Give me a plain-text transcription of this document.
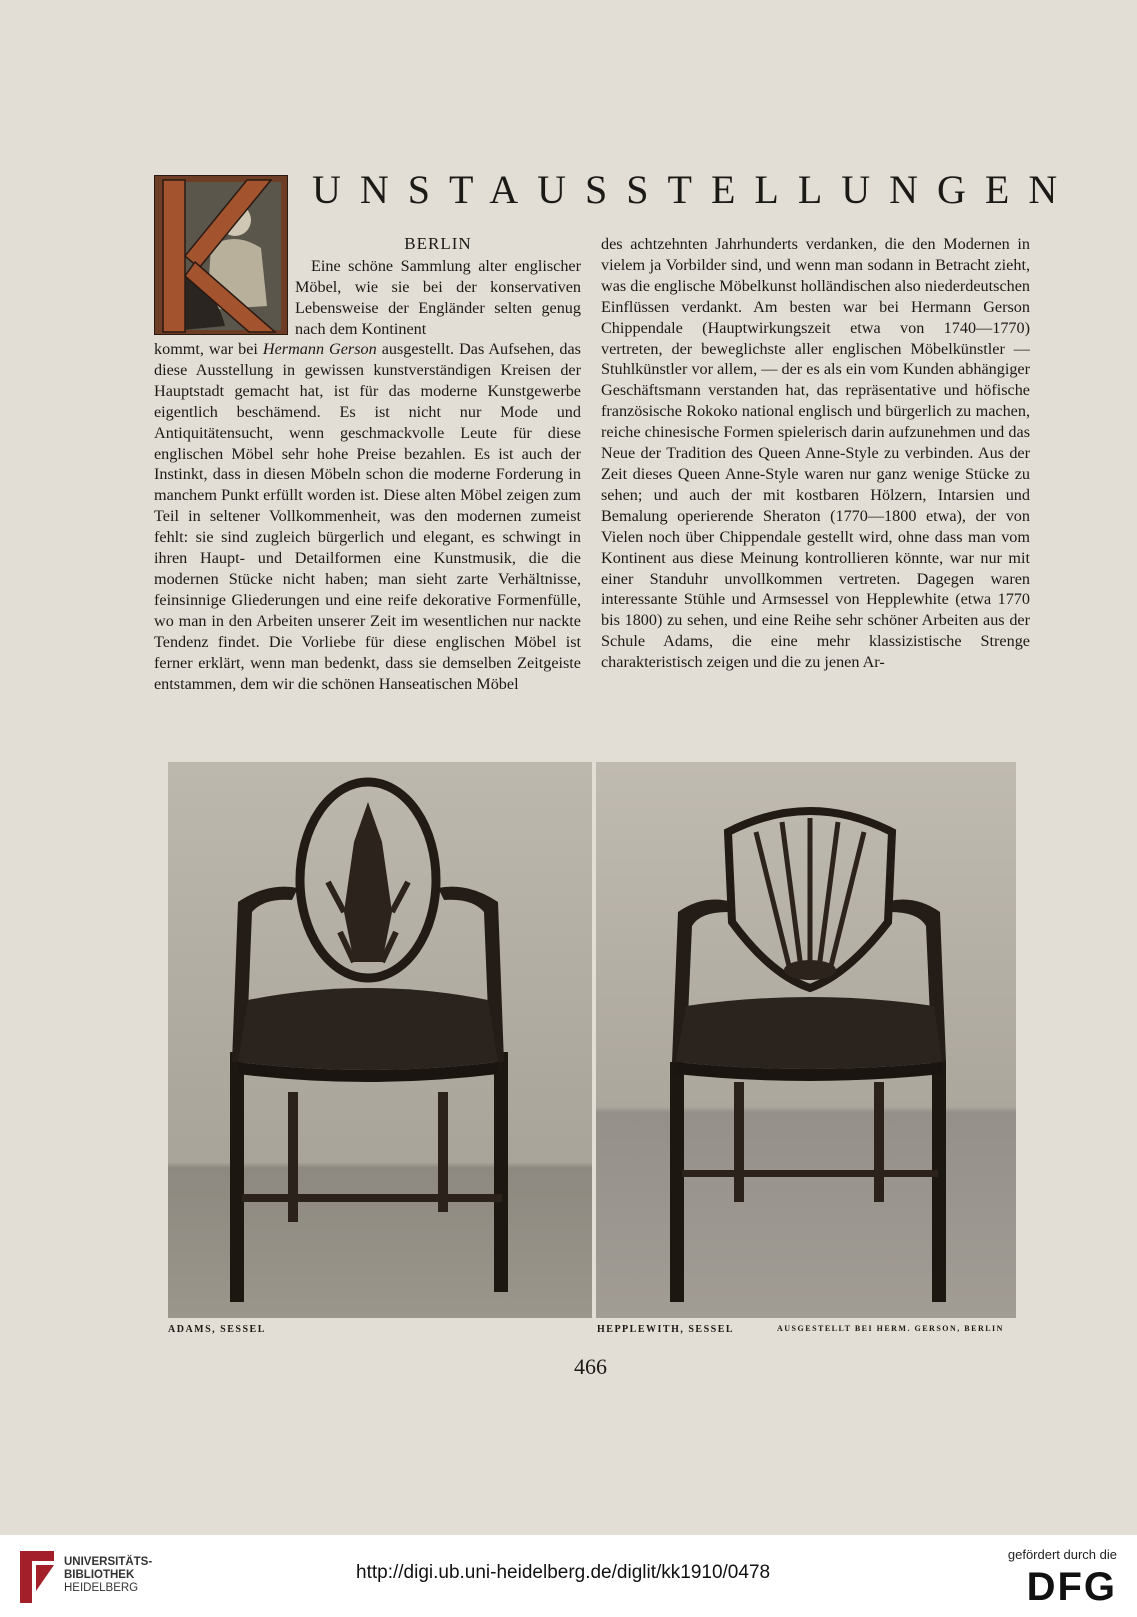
UNSTAUSSTELLUNGEN
BERLIN
Eine schöne Sammlung alter englischer Möbel, wie sie bei der konservativen Lebensweise der Engländer selten genug nach dem Kontinent
kommt, war bei Hermann Gerson ausgestellt. Das Aufsehen, das diese Ausstellung in gewissen kunstverständigen Kreisen der Hauptstadt gemacht hat, ist für das moderne Kunstgewerbe eigentlich beschämend. Es ist nicht nur Mode und Antiquitätensucht, wenn geschmackvolle Leute für diese englischen Möbel sehr hohe Preise bezahlen. Es ist auch der Instinkt, dass in diesen Möbeln schon die moderne Forderung in manchem Punkt erfüllt worden ist. Diese alten Möbel zeigen zum Teil in seltener Vollkommenheit, was den modernen zumeist fehlt: sie sind zugleich bürgerlich und elegant, es schwingt in ihren Haupt- und Detailformen eine Kunstmusik, die die modernen Stücke nicht haben; man sieht zarte Verhältnisse, feinsinnige Gliederungen und eine reife dekorative Formenfülle, wo man in den Arbeiten unserer Zeit im wesentlichen nur nackte Tendenz findet. Die Vorliebe für diese englischen Möbel ist ferner erklärt, wenn man bedenkt, dass sie demselben Zeitgeiste entstammen, dem wir die schönen Hanseatischen Möbel
des achtzehnten Jahrhunderts verdanken, die den Modernen in vielem ja Vorbilder sind, und wenn man sodann in Betracht zieht, was die englische Möbelkunst holländischen also niederdeutschen Einflüssen verdankt. Am besten war bei Hermann Gerson Chippendale (Hauptwirkungszeit etwa von 1740—1770) vertreten, der beweglichste aller englischen Möbelkünstler — Stuhlkünstler vor allem, — der es als ein vom Kunden abhängiger Geschäftsmann verstanden hat, das repräsentative und höfische französische Rokoko national englisch und bürgerlich zu machen, reiche chinesische Formen spielerisch darin aufzunehmen und das Neue der Tradition des Queen Anne-Style zu verbinden. Aus der Zeit dieses Queen Anne-Style waren nur ganz wenige Stücke zu sehen; und auch der mit kostbaren Hölzern, Intarsien und Bemalung operierende Sheraton (1770—1800 etwa), der von Vielen noch über Chippendale gestellt wird, ohne dass man vom Kontinent aus diese Meinung kontrollieren könnte, war nur mit einer Standuhr unvollkommen vertreten. Dagegen waren interessante Stühle und Armsessel von Hepplewhite (etwa 1770 bis 1800) zu sehen, und eine Reihe sehr schöner Arbeiten aus der Schule Adams, die eine mehr klassizistische Strenge charakteristisch zeigen und die zu jenen Ar-
ADAMS, SESSEL	HEPPLEWITH, SESSEL	AUSGESTELLT BEI HERM. GERSON, BERLIN
466
UNIVERSITÄTS-
BIBLIOTHEK
HEIDELBERG
http://digi.ub.uni-heidelberg.de/diglit/kk1910/0478
gefördert durch die
DFG
